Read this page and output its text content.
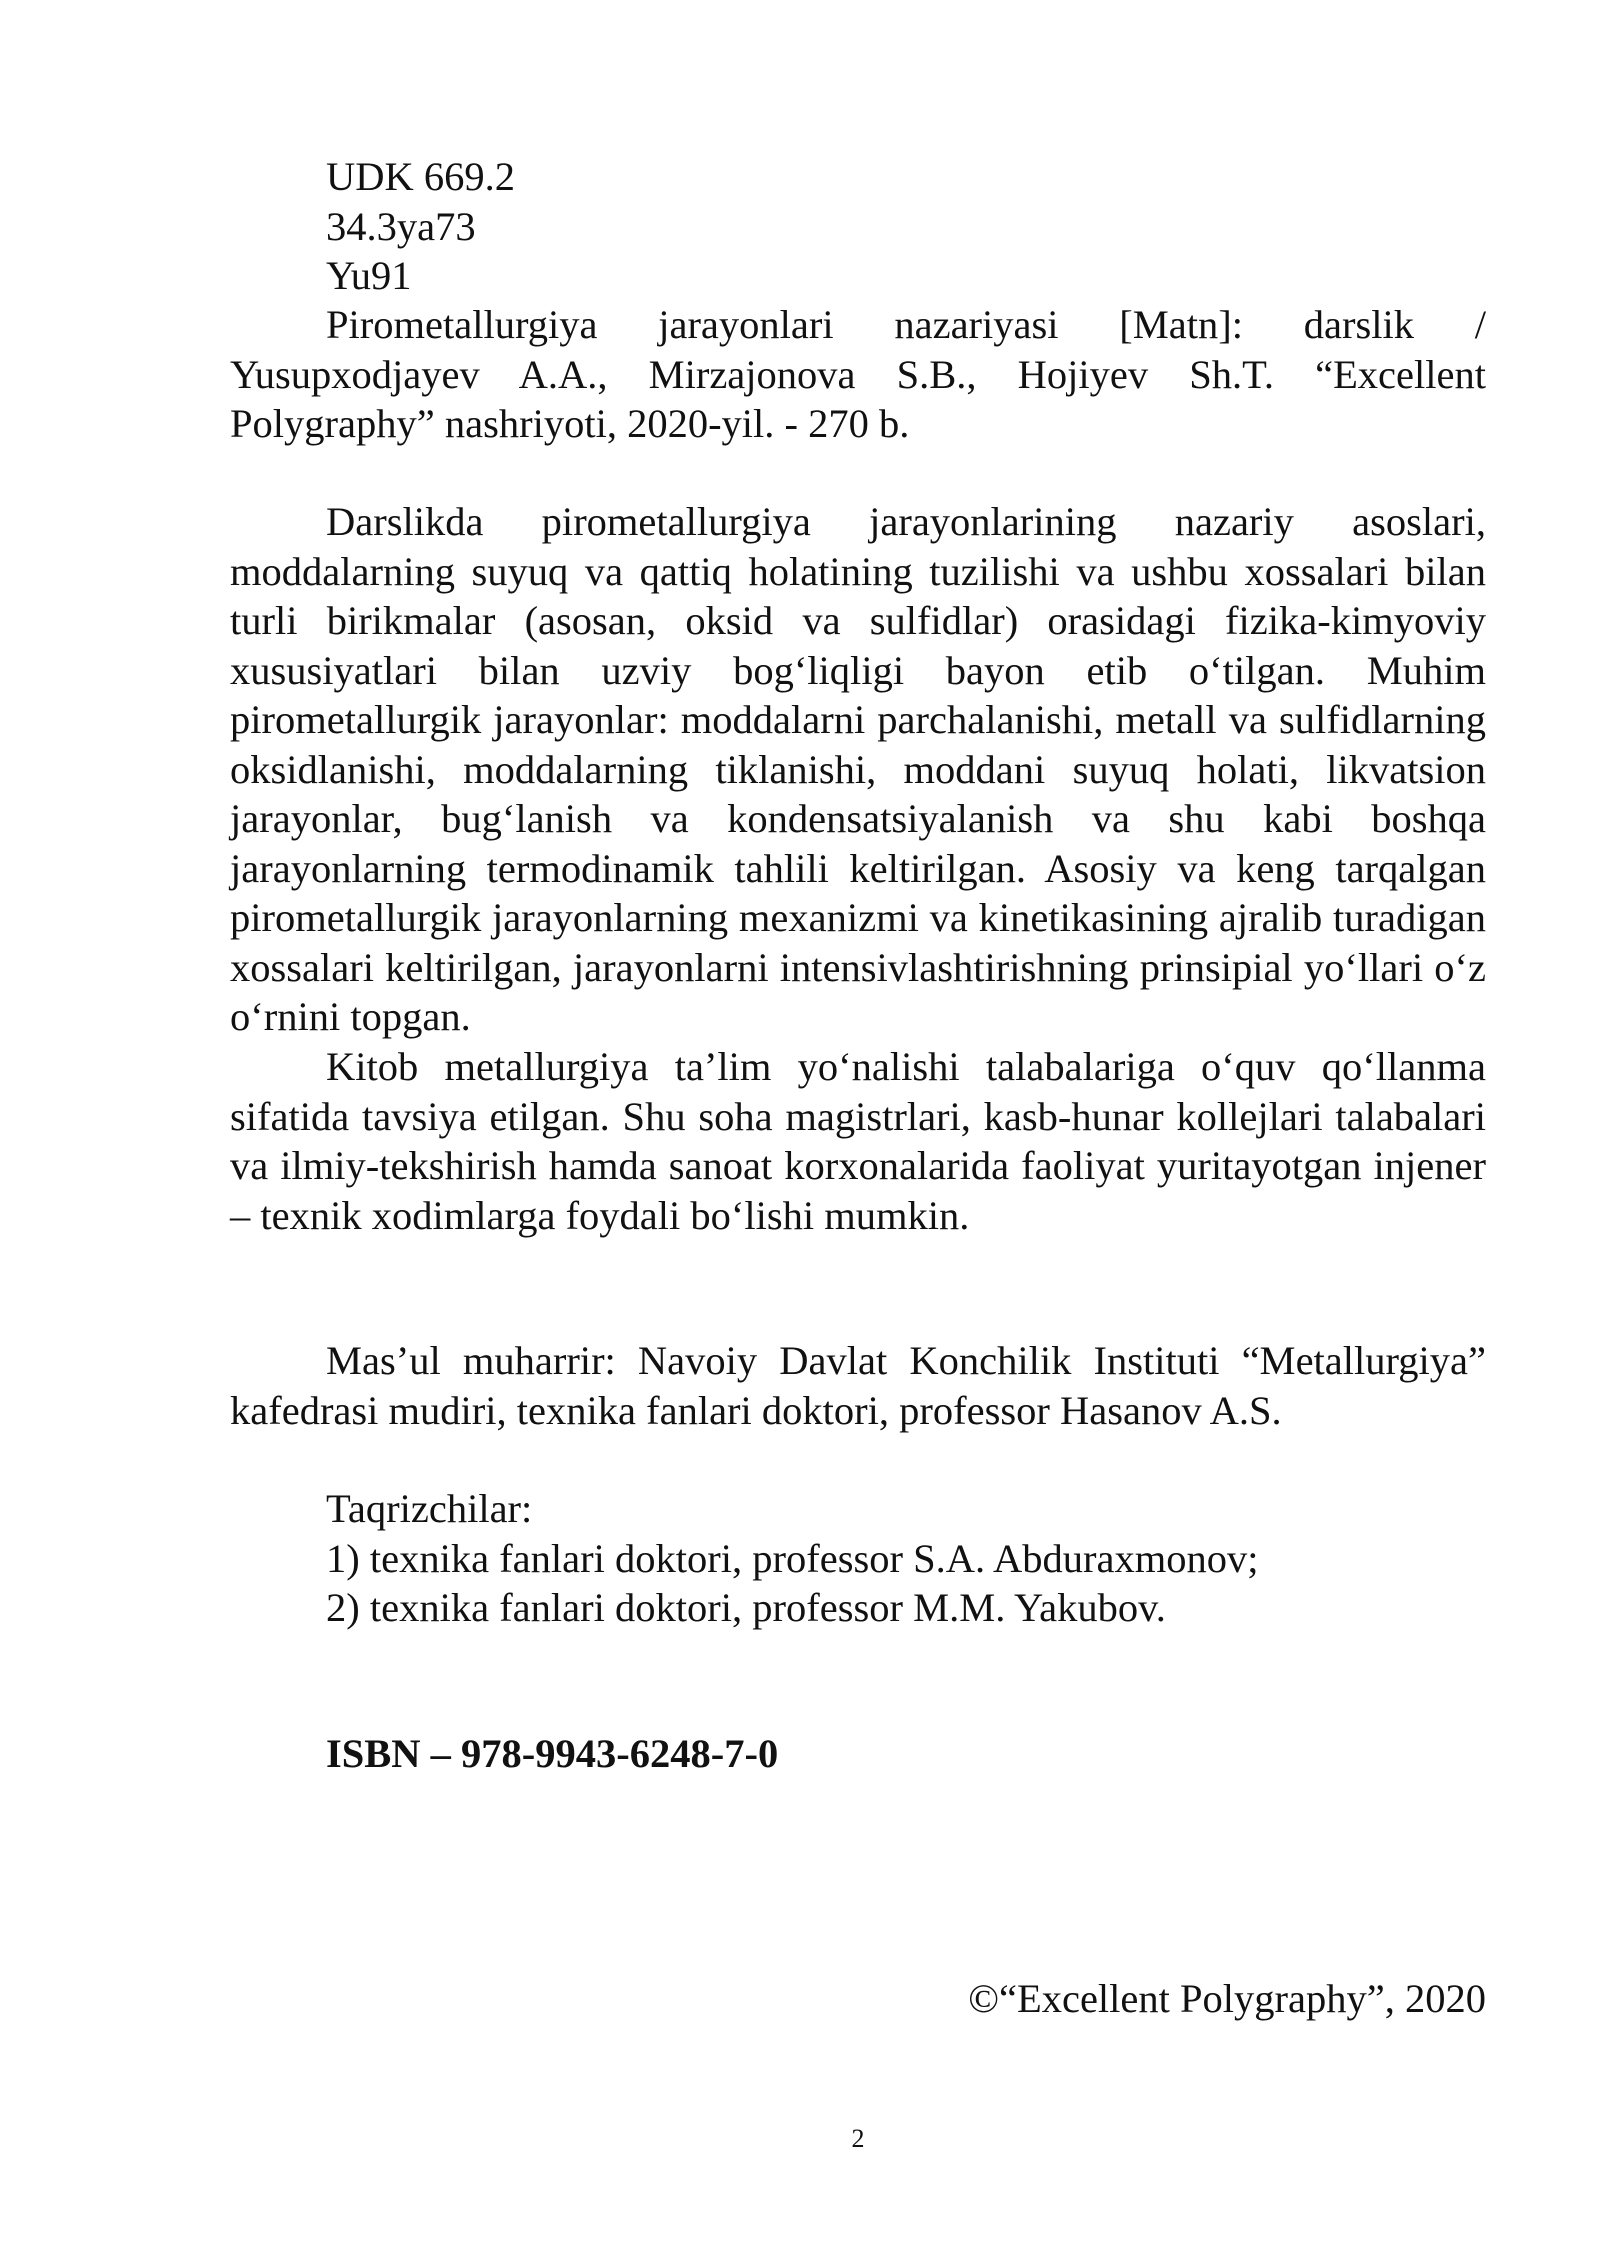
UDK 669.2

34.3ya73

Yu91

Pirometallurgiya jarayonlari nazariyasi [Matn]: darslik / Yusupxodjayev A.A., Mirzajonova S.B., Hojiyev Sh.T. “Excellent Polygraphy” nashriyoti, 2020-yil. - 270 b.

Darslikda pirometallurgiya jarayonlarining nazariy asoslari, moddalarning suyuq va qattiq holatining tuzilishi va ushbu xossalari bilan turli birikmalar (asosan, oksid va sulfidlar) orasidagi fizika-kimyoviy xususiyatlari bilan uzviy bog‘liqligi bayon etib o‘tilgan. Muhim pirometallurgik jarayonlar: moddalarni parchalanishi, metall va sulfidlarning oksidlanishi, moddalarning tiklanishi, moddani suyuq holati, likvatsion jarayonlar, bug‘lanish va kondensatsiyalanish va shu kabi boshqa jarayonlarning termodinamik tahlili keltirilgan. Asosiy va keng tarqalgan pirometallurgik jarayonlarning mexanizmi va kinetikasining ajralib turadigan xossalari keltirilgan, jarayonlarni intensivlashtirishning prinsipial yo‘llari o‘z o‘rnini topgan.

Kitob metallurgiya ta’lim yo‘nalishi talabalariga o‘quv qo‘llanma sifatida tavsiya etilgan. Shu soha magistrlari, kasb-hunar kollejlari talabalari va ilmiy-tekshirish hamda sanoat korxonalarida faoliyat yuritayotgan injener – texnik xodimlarga foydali bo‘lishi mumkin.

Mas’ul muharrir: Navoiy Davlat Konchilik Instituti “Metallurgiya” kafedrasi mudiri, texnika fanlari doktori, professor Hasanov A.S.

Taqrizchilar:

1) texnika fanlari doktori, professor S.A. Abduraxmonov;

2) texnika fanlari doktori, professor M.M. Yakubov.

ISBN – 978-9943-6248-7-0

©“Excellent Polygraphy”, 2020
2
